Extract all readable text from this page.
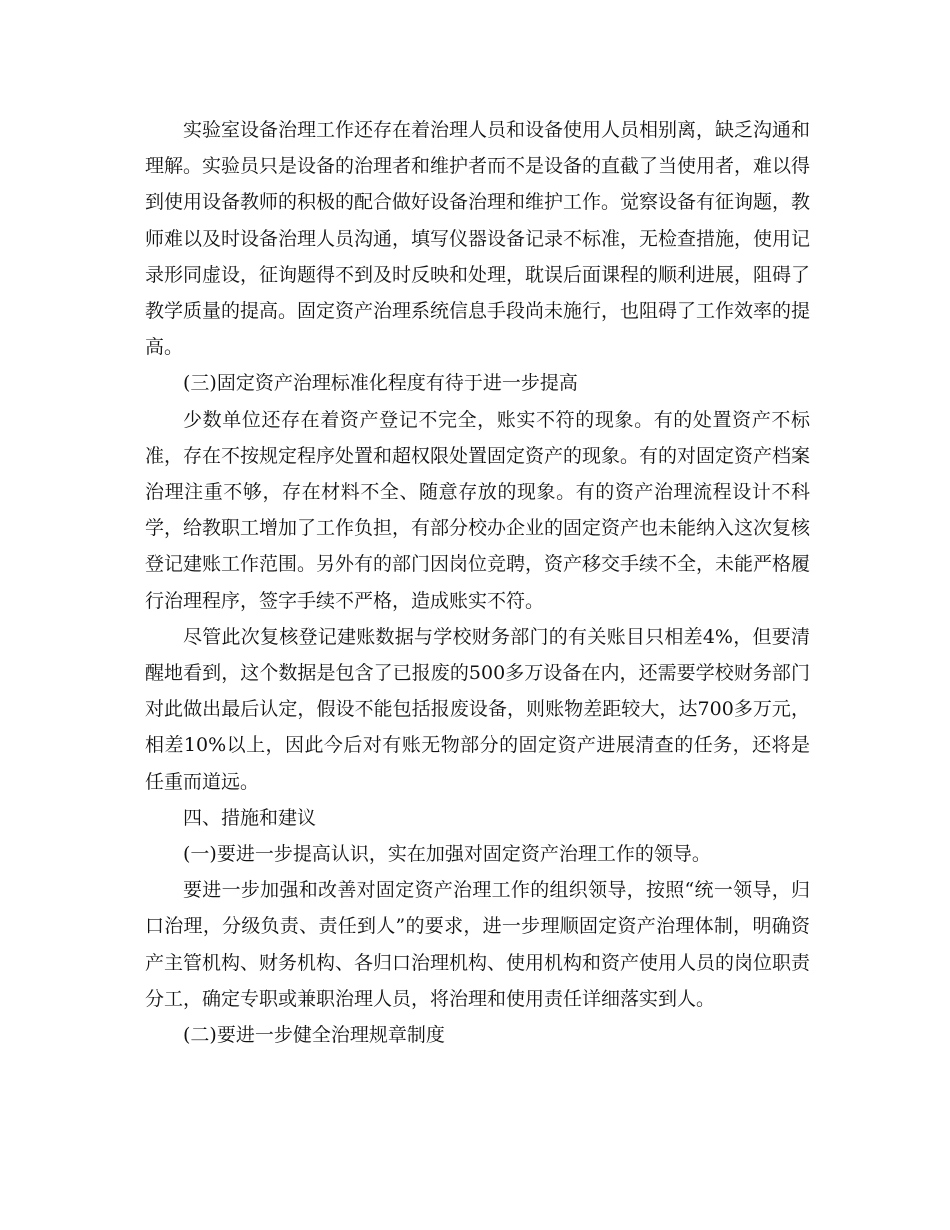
实验室设备治理工作还存在着治理人员和设备使用人员相别离，缺乏沟通和理解。实验员只是设备的治理者和维护者而不是设备的直截了当使用者，难以得到使用设备教师的积极的配合做好设备治理和维护工作。觉察设备有征询题，教师难以及时设备治理人员沟通，填写仪器设备记录不标准，无检查措施，使用记录形同虚设，征询题得不到及时反映和处理，耽误后面课程的顺利进展，阻碍了教学质量的提高。固定资产治理系统信息手段尚未施行，也阻碍了工作效率的提高。

(三)固定资产治理标准化程度有待于进一步提高

少数单位还存在着资产登记不完全，账实不符的现象。有的处置资产不标准，存在不按规定程序处置和超权限处置固定资产的现象。有的对固定资产档案治理注重不够，存在材料不全、随意存放的现象。有的资产治理流程设计不科学，给教职工增加了工作负担，有部分校办企业的固定资产也未能纳入这次复核登记建账工作范围。另外有的部门因岗位竞聘，资产移交手续不全，未能严格履行治理程序，签字手续不严格，造成账实不符。

尽管此次复核登记建账数据与学校财务部门的有关账目只相差4%，但要清醒地看到，这个数据是包含了已报废的500多万设备在内，还需要学校财务部门对此做出最后认定，假设不能包括报废设备，则账物差距较大，达700多万元，相差10%以上，因此今后对有账无物部分的固定资产进展清查的任务，还将是任重而道远。

四、措施和建议

(一)要进一步提高认识，实在加强对固定资产治理工作的领导。

要进一步加强和改善对固定资产治理工作的组织领导，按照“统一领导，归口治理，分级负责、责任到人”的要求，进一步理顺固定资产治理体制，明确资产主管机构、财务机构、各归口治理机构、使用机构和资产使用人员的岗位职责分工，确定专职或兼职治理人员，将治理和使用责任详细落实到人。

(二)要进一步健全治理规章制度
